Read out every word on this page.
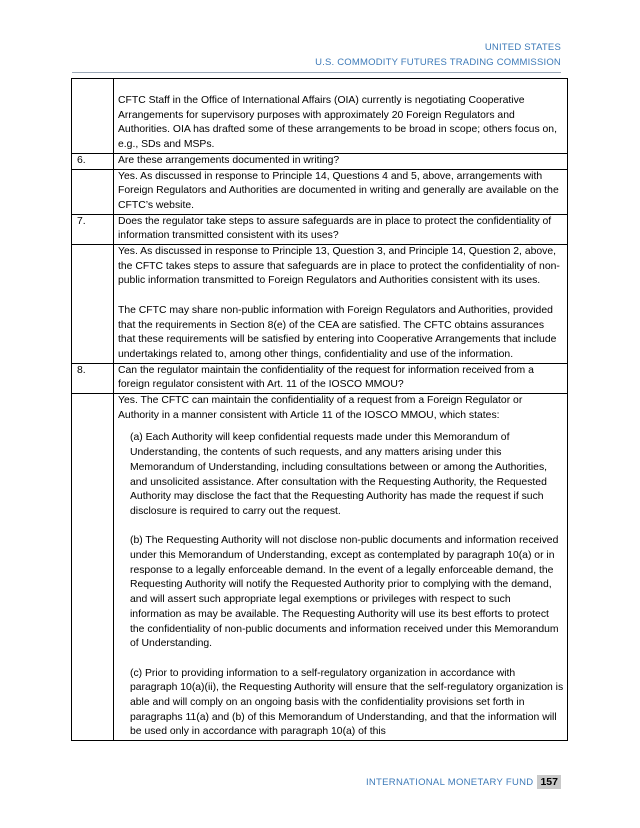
UNITED STATES
U.S. COMMODITY FUTURES TRADING COMMISSION
	CFTC Staff in the Office of International Affairs (OIA) currently is negotiating Cooperative Arrangements for supervisory purposes with approximately 20 Foreign Regulators and Authorities. OIA has drafted some of these arrangements to be broad in scope; others focus on, e.g., SDs and MSPs.
6.	Are these arrangements documented in writing?
	Yes. As discussed in response to Principle 14, Questions 4 and 5, above, arrangements with Foreign Regulators and Authorities are documented in writing and generally are available on the CFTC’s website.
7.	Does the regulator take steps to assure safeguards are in place to protect the confidentiality of information transmitted consistent with its uses?

	Yes. As discussed in response to Principle 13, Question 3, and Principle 14, Question 2, above, the CFTC takes steps to assure that safeguards are in place to protect the confidentiality of non-public information transmitted to Foreign Regulators and Authorities consistent with its uses.

The CFTC may share non-public information with Foreign Regulators and Authorities, provided that the requirements in Section 8(e) of the CEA are satisfied. The CFTC obtains assurances that these requirements will be satisfied by entering into Cooperative Arrangements that include undertakings related to, among other things, confidentiality and use of the information.

8.	Can the regulator maintain the confidentiality of the request for information received from a foreign regulator consistent with Art. 11 of the IOSCO MMOU?

	Yes. The CFTC can maintain the confidentiality of a request from a Foreign Regulator or Authority in a manner consistent with Article 11 of the IOSCO MMOU, which states:

(a) Each Authority will keep confidential requests made under this Memorandum of Understanding, the contents of such requests, and any matters arising under this Memorandum of Understanding, including consultations between or among the Authorities, and unsolicited assistance. After consultation with the Requesting Authority, the Requested Authority may disclose the fact that the Requesting Authority has made the request if such disclosure is required to carry out the request.

(b) The Requesting Authority will not disclose non-public documents and information received under this Memorandum of Understanding, except as contemplated by paragraph 10(a) or in response to a legally enforceable demand. In the event of a legally enforceable demand, the Requesting Authority will notify the Requested Authority prior to complying with the demand, and will assert such appropriate legal exemptions or privileges with respect to such information as may be available. The Requesting Authority will use its best efforts to protect the confidentiality of non-public documents and information received under this Memorandum of Understanding.

(c) Prior to providing information to a self-regulatory organization in accordance with paragraph 10(a)(ii), the Requesting Authority will ensure that the self-regulatory organization is able and will comply on an ongoing basis with the confidentiality provisions set forth in paragraphs 11(a) and (b) of this Memorandum of Understanding, and that the information will be used only in accordance with paragraph 10(a) of this

INTERNATIONAL MONETARY FUND 157
